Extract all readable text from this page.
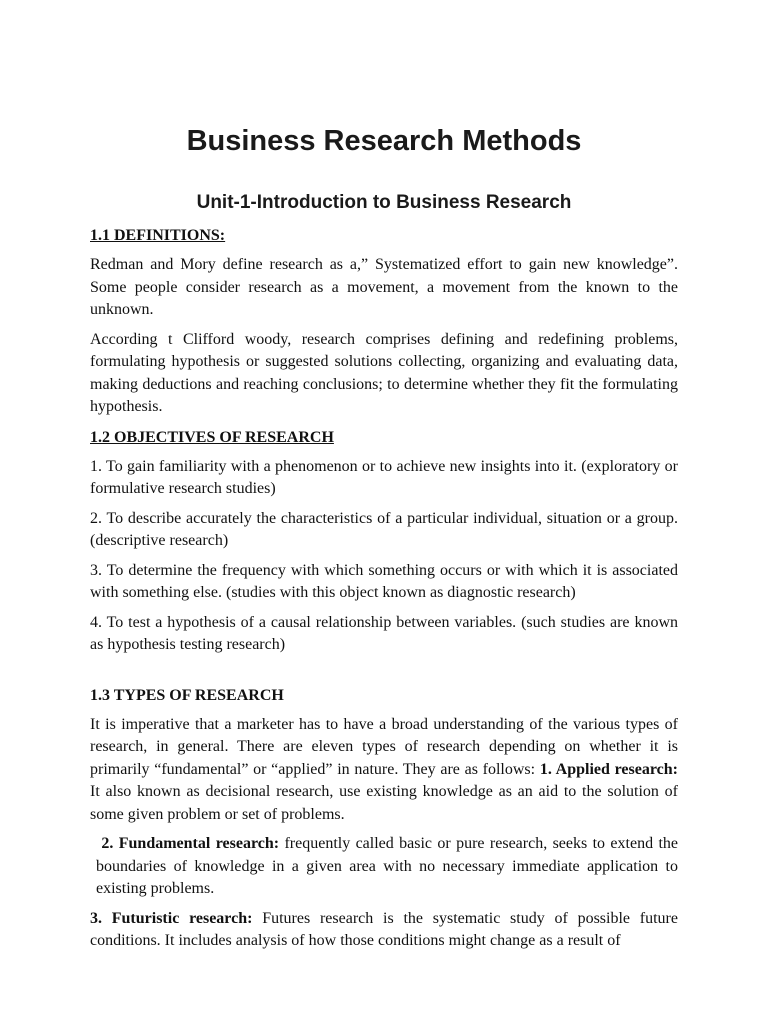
Business Research Methods
Unit-1-Introduction to Business Research
1.1 DEFINITIONS:

Redman and Mory define research as a,” Systematized effort to gain new knowledge”. Some people consider research as a movement, a movement from the known to the unknown.

According t Clifford woody, research comprises defining and redefining problems, formulating hypothesis or suggested solutions collecting, organizing and evaluating data, making deductions and reaching conclusions; to determine whether they fit the formulating hypothesis.

1.2 OBJECTIVES OF RESEARCH

1. To gain familiarity with a phenomenon or to achieve new insights into it. (exploratory or formulative research studies)

2. To describe accurately the characteristics of a particular individual, situation or a group. (descriptive research)

3. To determine the frequency with which something occurs or with which it is associated with something else. (studies with this object known as diagnostic research)

4. To test a hypothesis of a causal relationship between variables. (such studies are known as hypothesis testing research)

1.3 TYPES OF RESEARCH

It is imperative that a marketer has to have a broad understanding of the various types of research, in general. There are eleven types of research depending on whether it is primarily “fundamental” or “applied” in nature. They are as follows: 1. Applied research: It also known as decisional research, use existing knowledge as an aid to the solution of some given problem or set of problems.

2. Fundamental research: frequently called basic or pure research, seeks to extend the boundaries of knowledge in a given area with no necessary immediate application to existing problems.

3. Futuristic research: Futures research is the systematic study of possible future conditions. It includes analysis of how those conditions might change as a result of
